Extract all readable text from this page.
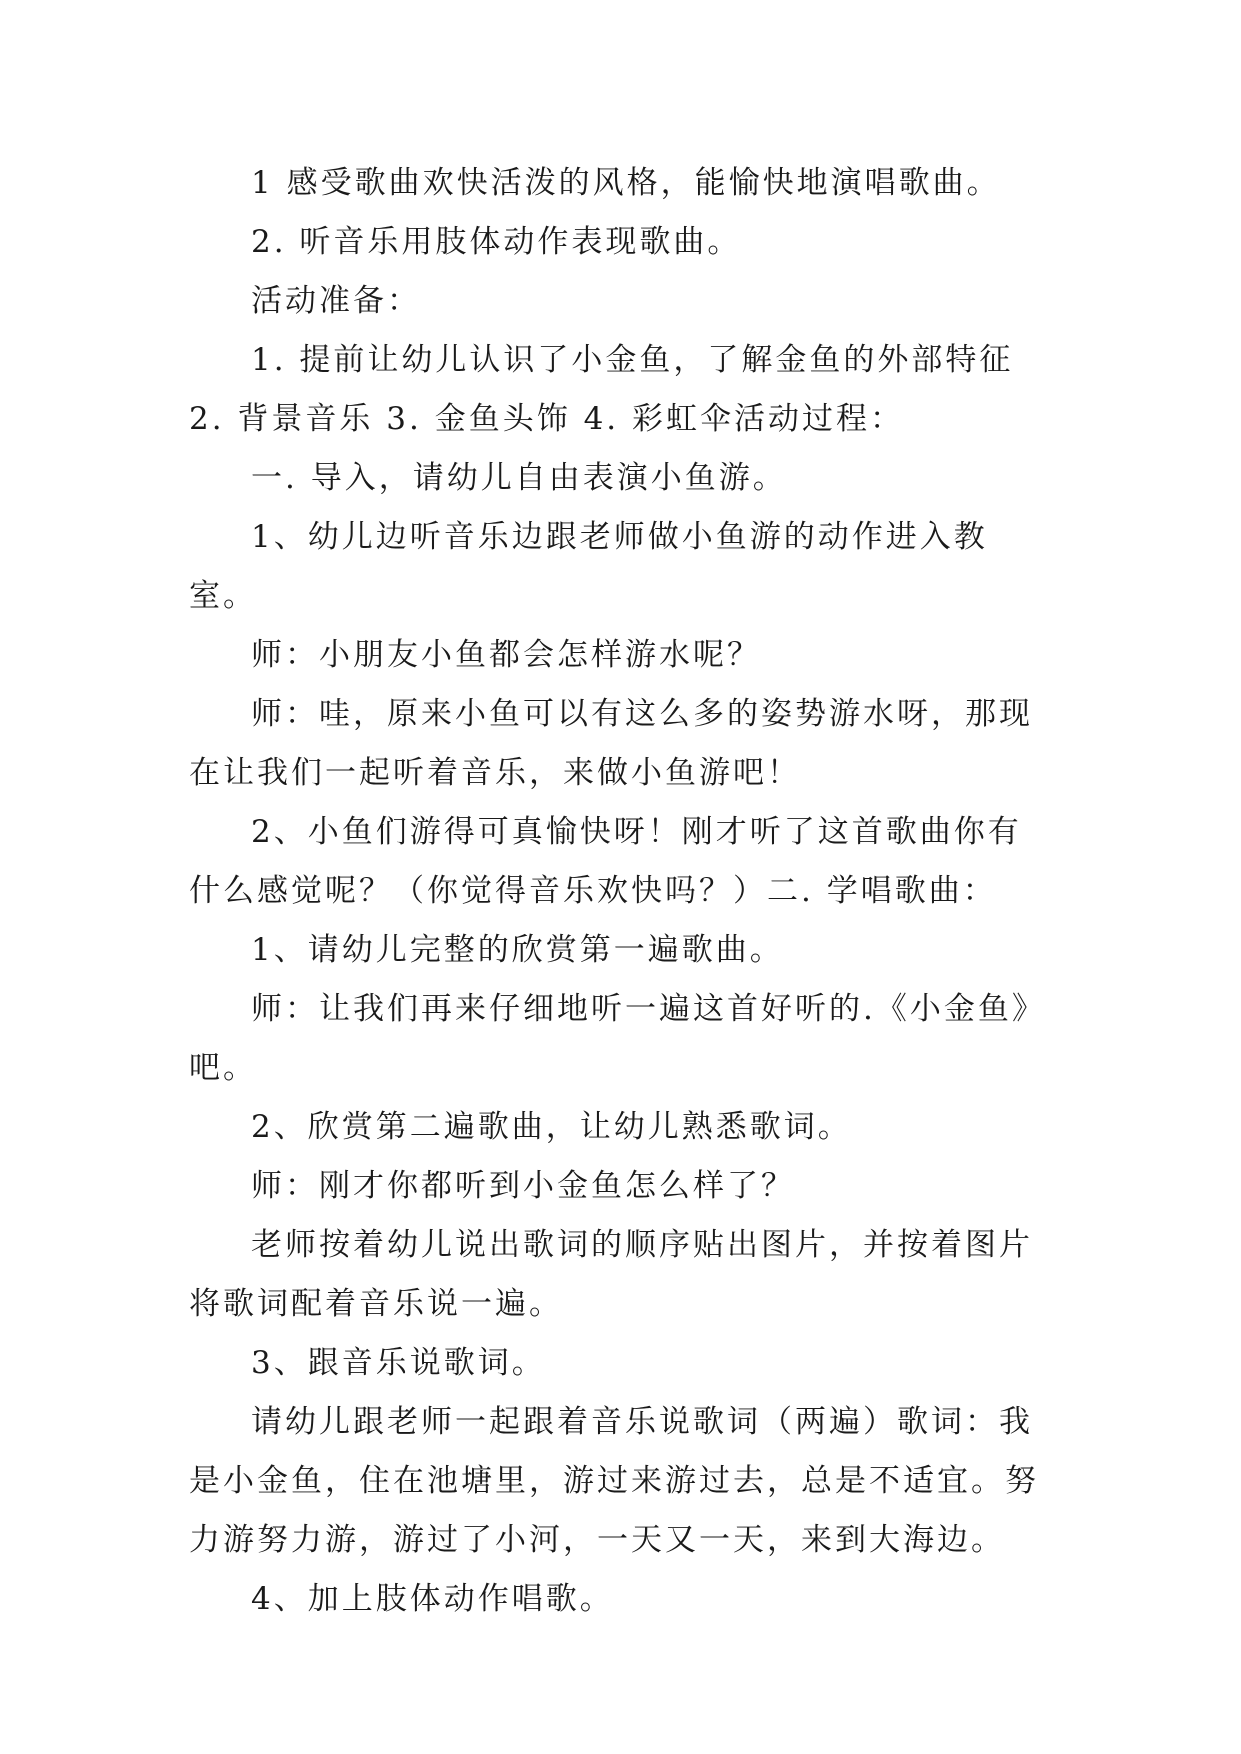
1 感受歌曲欢快活泼的风格，能愉快地演唱歌曲。

2. 听音乐用肢体动作表现歌曲。

活动准备：

1. 提前让幼儿认识了小金鱼，了解金鱼的外部特征 2. 背景音乐 3. 金鱼头饰 4. 彩虹伞活动过程：

一. 导入，请幼儿自由表演小鱼游。

1、幼儿边听音乐边跟老师做小鱼游的动作进入教室。

师：小朋友小鱼都会怎样游水呢？

师：哇，原来小鱼可以有这么多的姿势游水呀，那现在让我们一起听着音乐，来做小鱼游吧！

2、小鱼们游得可真愉快呀！刚才听了这首歌曲你有什么感觉呢？（你觉得音乐欢快吗？）二. 学唱歌曲：

1、请幼儿完整的欣赏第一遍歌曲。

师：让我们再来仔细地听一遍这首好听的.《小金鱼》吧。

2、欣赏第二遍歌曲，让幼儿熟悉歌词。

师：刚才你都听到小金鱼怎么样了？

老师按着幼儿说出歌词的顺序贴出图片，并按着图片将歌词配着音乐说一遍。

3、跟音乐说歌词。

请幼儿跟老师一起跟着音乐说歌词（两遍）歌词：我是小金鱼，住在池塘里，游过来游过去，总是不适宜。努力游努力游，游过了小河，一天又一天，来到大海边。

4、加上肢体动作唱歌。
